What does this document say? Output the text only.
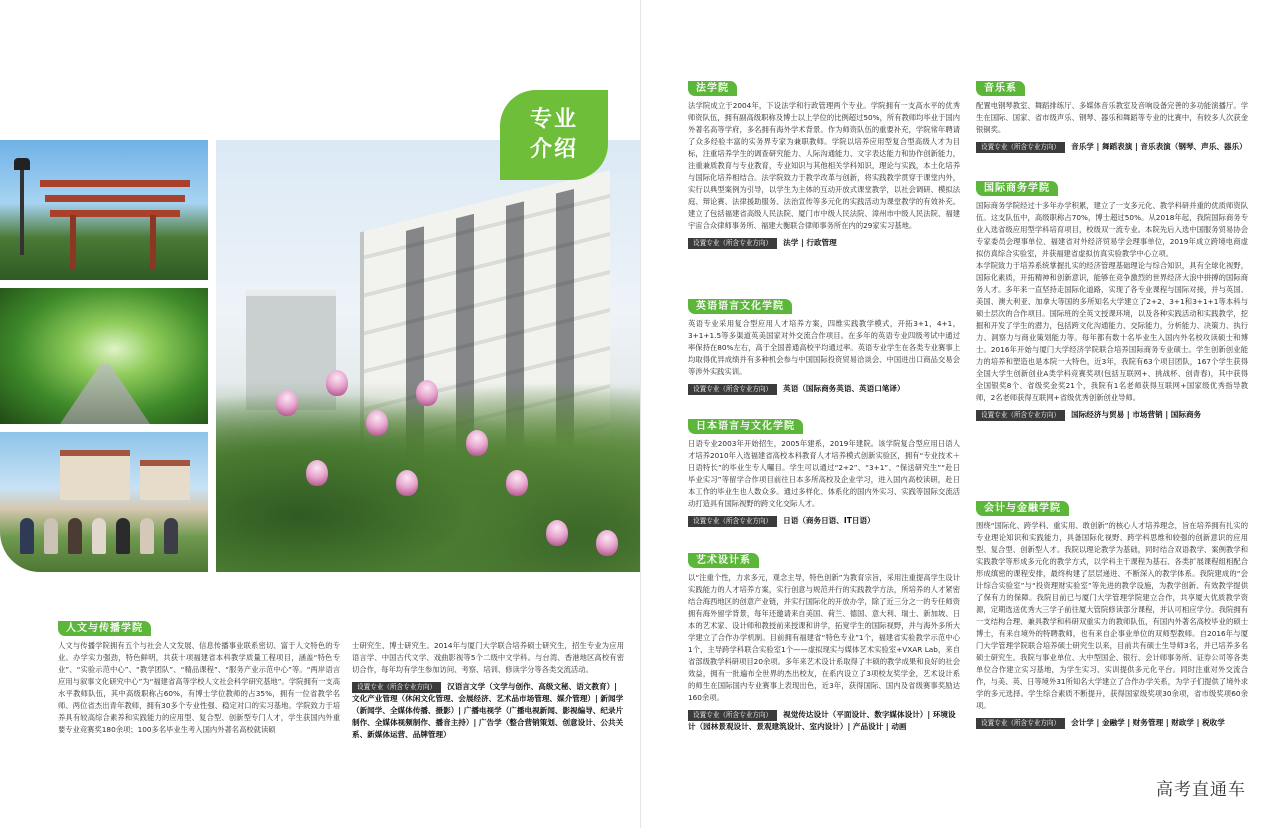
专业
介绍
人文与传播学院
人文与传播学院拥有五个与社会人文发展、信息传播事业联系密切、富于人文特色的专业。办学实力强劲，特色鲜明，共获十项福建省本科教学质量工程项目，涵盖“特色专业”、“实验示范中心”、“教学团队”、“精品课程”、“服务产业示范中心”等。“两岸语言应用与叙事文化研究中心”为“福建省高等学校人文社会科学研究基地”。学院拥有一支高水平教师队伍，其中高级职称占60%，有博士学位教师的占35%，拥有一位省教学名师、两位省杰出青年教师，拥有30多个专业性强、稳定对口的实习基地。学院致力于培养具有较高综合素养和实践能力的应用型、复合型、创新型专门人才，学生获国内外重要专业竞赛奖180余项；100多名毕业生考入国内外著名高校就读硕
士研究生、博士研究生。2014年与厦门大学联合培养硕士研究生，招生专业为应用语言学、中国古代文学、戏曲影视等5个二级中文学科。与台湾、香港地区高校有密切合作，每年均有学生参加访问、考察、培训、修读学分等各类交流活动。
设置专业（所含专业方向） 汉语言文学（文学与创作、高级文秘、语文教育）| 文化产业管理（休闲文化管理、会展经济、艺术品市场管理、媒介管理）| 新闻学（新闻学、全媒体传播、摄影）| 广播电视学（广播电视新闻、影视编导、纪录片制作、全媒体视频制作、播音主持）| 广告学（整合营销策划、创意设计、公共关系、新媒体运营、品牌管理）
法学院
法学院成立于2004年，下设法学和行政管理两个专业。学院拥有一支高水平的优秀师资队伍，拥有副高级职称及博士以上学位的比例超过50%，所有教师均毕业于国内外著名高等学府，多名拥有海外学术背景。作为师资队伍的重要补充，学院常年聘请了众多经验丰富的实务界专家为兼职教师。学院以培养应用型复合型高级人才为目标，注重培养学生的调查研究能力、人际沟通能力、文字表达能力和协作创新能力，注重兼质教育与专业教育，专业知识与其他相关学科知识，理论与实践，本土化培养与国际化培养相结合。法学院致力于教学改革与创新，将实践教学贯穿于课堂内外，实行以典型案例为引导，以学生为主体的互动开放式课堂教学，以社会调研、模拟法庭、辩论赛、法律援助服务、法治宣传等多元化的实践活动为课堂教学的有效补充。建立了包括福建省高级人民法院、厦门市中级人民法院、漳州市中级人民法院、福建宇宙合众律师事务所、福建大衡联合律师事务所在内的29家实习基地。
设置专业（所含专业方向） 法学 | 行政管理
英语语言文化学院
英语专业采用复合型应用人才培养方案，四维实践教学模式，开拓3+1，4+1，3+1+1.5等多渠道英美国家对外交流合作项目。在多年的英语专业四级考试中通过率保持在80%左右，高于全国普通高校平均通过率。英语专业学生在各类专业赛事上均取得优异成绩并有多种机会参与中国国际投资贸易洽谈会、中国进出口商品交易会等涉外实践实训。
设置专业（所含专业方向） 英语（国际商务英语、英语口笔译）
日本语言与文化学院
日语专业2003年开始招生，2005年建系，2019年建院。该学院复合型应用日语人才培养2010年入选福建省高校本科教育人才培养模式创新实验区，拥有“专业技术＋日语特长”的毕业生专人囑目。学生可以通过“2+2”、“3+1”、“保送研究生”“赴日毕业实习”等留学合作项目前往日本多所高校及企业学习，进入国内高校读研，赴日本工作的毕业生也人数众多。通过多样化、体系化的国内外实习、实践等国际交流活动打造具有国际视野的跨文化交际人才。
设置专业（所含专业方向） 日语（商务日语、IT日语）
艺术设计系
以“注重个性，力求多元，观念主导，特色创新”为教育宗旨，采用注重提高学生设计实践能力的人才培养方案，实行创意与规范并行的实践教学方法，所培养的人才紧密结合海西地区的创意产业链，并实行国际化的开放办学，除了近三分之一的专任师资拥有海外留学背景，每年还邀请来自美国、荷兰、德国、意大利、瑞士、新加坡、日本的艺术家、设计师和教授前来授课和讲学，拓宽学生的国际视野，并与海外多所大学建立了合作办学机制。目前拥有福建省“特色专业”1个，福建省实验教学示范中心1个，主导跨学科联合实验室1个——虚拟现实与媒体艺术实验室+VXAR Lab，来自省部级教学科研项目20余项。多年来艺术设计系取得了丰硕的教学成果和良好的社会效益，拥有一批遍布全世界的杰出校友，在系内设立了3项校友奖学金，艺术设计系的师生在国际国内专业赛事上表现出色，近3年，获得国际、国内及省级赛事奖励达160余项。
设置专业（所含专业方向） 视觉传达设计（平面设计、数字媒体设计）| 环境设计（园林景观设计、景观建筑设计、室内设计）| 产品设计 | 动画
音乐系
配置电钢琴教室、舞蹈排练厅、多媒体音乐教室及音响设备完善的多功能演播厅。学生在国际、国家、省市级声乐、钢琴、器乐和舞蹈等专业的比赛中，有较多人次获金银铜奖。
设置专业（所含专业方向） 音乐学 | 舞蹈表演 | 音乐表演（钢琴、声乐、器乐）
国际商务学院
国际商务学院经过十多年办学积累，建立了一支多元化、教学科研并重的优质师资队伍。这支队伍中，高级职称占70%，博士超过50%。从2018年起，我院国际商务专业入选省级应用型学科培育项目，校级双一流专业。本院先后入选中国服务贸易协会专家委员会理事单位、福建省对外经济贸易学会理事单位，2019年成立跨境电商虚拟仿真综合实验室，并获福建省虚拟仿真实验教学中心立项。
本学院致力于培养系统掌握扎实的经济管理基础理论与综合知识，具有全球化视野，国际化素质，开拓精神和创新意识，能够在竞争激烈的世界经济大浪中拼搏的国际商务人才。多年来一直坚持走国际化道路，实现了各专业课程与国际对接，并与英国、美国、澳大利亚、加拿大等国的多所知名大学建立了2+2、3+1和3+1+1等本科与硕士层次的合作项目。国际班的全英文授课环境，以及各种实践活动和实践教学，挖掘和开发了学生的潜力，包括跨文化沟通能力、交际能力，分析能力、决策力、执行力、洞察力与商业策划能力等。每年都有数十名毕业生入国内外名校攻读硕士和博士。2016年开始与厦门大学经济学院联合培养国际商务专业硕士。学生创新创业能力的培养和塑造也是本院一大特色，近3年，我院有63个项目团队，167个学生获得全国大学生创新创业A类学科竞赛奖项(包括互联网+、挑战杯、创青春)，其中获得全国银奖8个、省级奖金奖21个，我院有1名老师获得互联网+国家级优秀指导教师，2名老师获得互联网+省级优秀创新创业导师。
设置专业（所含专业方向） 国际经济与贸易 | 市场营销 | 国际商务
会计与金融学院
围绕“国际化、跨学科、重实用、敢创新”的核心人才培养理念，旨在培养拥有扎实的专业理论知识和实践能力，具备国际化视野、跨学科思维和较强的创新意识的应用型、复合型、创新型人才。我院以理论教学为基础，同时结合双语教学、案例教学和实践教学等形成多元化的教学方式，以学科主干课程为基石、各类扩展课程组相配合形成缜密的课程安排，最终构建了层层递进、不断深入的教学体系。我院建成的“会计综合实验室”与“投资理财实验室”等先进的教学设施，为教学创新、有效教学提供了保有力的保障。我院目前已与厦门大学管理学院建立合作，共享厦大优质教学资源，定期选送优秀大三学子前往厦大管院修读部分课程，并认可相应学分。我院拥有一支结构合理、兼具教学和科研双重实力的教师队伍，有国内外著名高校毕业的硕士博士，有来自境外的特聘教师，也有来自企事业单位的双师型教师。自2016年与厦门大学管理学院联合培养硕士研究生以来，目前共有硕士生导师3名，并已培养多名硕士研究生。我院与事业单位、大中型国企、银行、会计师事务所、证券公司等各类单位合作建立实习基地，为学生实习、实训提供多元化平台。同时注重对外交流合作，与美、英、日等境外31所知名大学建立了合作办学关系，为学子们提供了境外求学的多元选择。学生综合素质不断提升，获得国家级奖项30余项，省市级奖项60余项。
设置专业（所含专业方向） 会计学 | 金融学 | 财务管理 | 财政学 | 税收学
高考直通车
